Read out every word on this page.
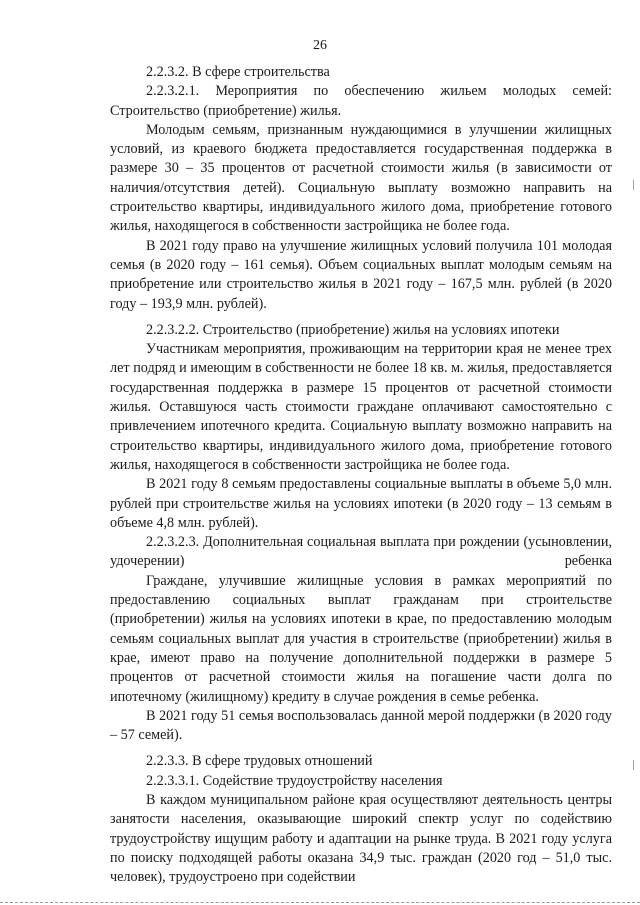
26

2.2.3.2. В сфере строительства

2.2.3.2.1. Мероприятия по обеспечению жильем молодых семей: Строительство (приобретение) жилья.

Молодым семьям, признанным нуждающимися в улучшении жилищных условий, из краевого бюджета предоставляется государственная поддержка в размере 30 – 35 процентов от расчетной стоимости жилья (в зависимости от наличия/отсутствия детей). Социальную выплату возможно направить на строительство квартиры, индивидуального жилого дома, приобретение готового жилья, находящегося в собственности застройщика не более года.

В 2021 году право на улучшение жилищных условий получила 101 молодая семья (в 2020 году – 161 семья). Объем социальных выплат молодым семьям на приобретение или строительство жилья в 2021 году – 167,5 млн. рублей (в 2020 году – 193,9 млн. рублей).

2.2.3.2.2. Строительство (приобретение) жилья на условиях ипотеки

Участникам мероприятия, проживающим на территории края не менее трех лет подряд и имеющим в собственности не более 18 кв. м. жилья, предоставляется государственная поддержка в размере 15 процентов от расчетной стоимости жилья. Оставшуюся часть стоимости граждане оплачивают самостоятельно с привлечением ипотечного кредита. Социальную выплату возможно направить на строительство квартиры, индивидуального жилого дома, приобретение готового жилья, находящегося в собственности застройщика не более года.

В 2021 году 8 семьям предоставлены социальные выплаты в объеме 5,0 млн. рублей при строительстве жилья на условиях ипотеки (в 2020 году – 13 семьям в объеме 4,8 млн. рублей).

2.2.3.2.3. Дополнительная социальная выплата при рождении (усыновлении, удочерении) ребенка

Граждане, улучившие жилищные условия в рамках мероприятий по предоставлению социальных выплат гражданам при строительстве (приобретении) жилья на условиях ипотеки в крае, по предоставлению молодым семьям социальных выплат для участия в строительстве (приобретении) жилья в крае, имеют право на получение дополнительной поддержки в размере 5 процентов от расчетной стоимости жилья на погашение части долга по ипотечному (жилищному) кредиту в случае рождения в семье ребенка.

В 2021 году 51 семья воспользовалась данной мерой поддержки (в 2020 году – 57 семей).

2.2.3.3. В сфере трудовых отношений

2.2.3.3.1. Содействие трудоустройству населения

В каждом муниципальном районе края осуществляют деятельность центры занятости населения, оказывающие широкий спектр услуг по содействию трудоустройству ищущим работу и адаптации на рынке труда. В 2021 году услуга по поиску подходящей работы оказана 34,9 тыс. граждан (2020 год – 51,0 тыс. человек), трудоустроено при содействии
